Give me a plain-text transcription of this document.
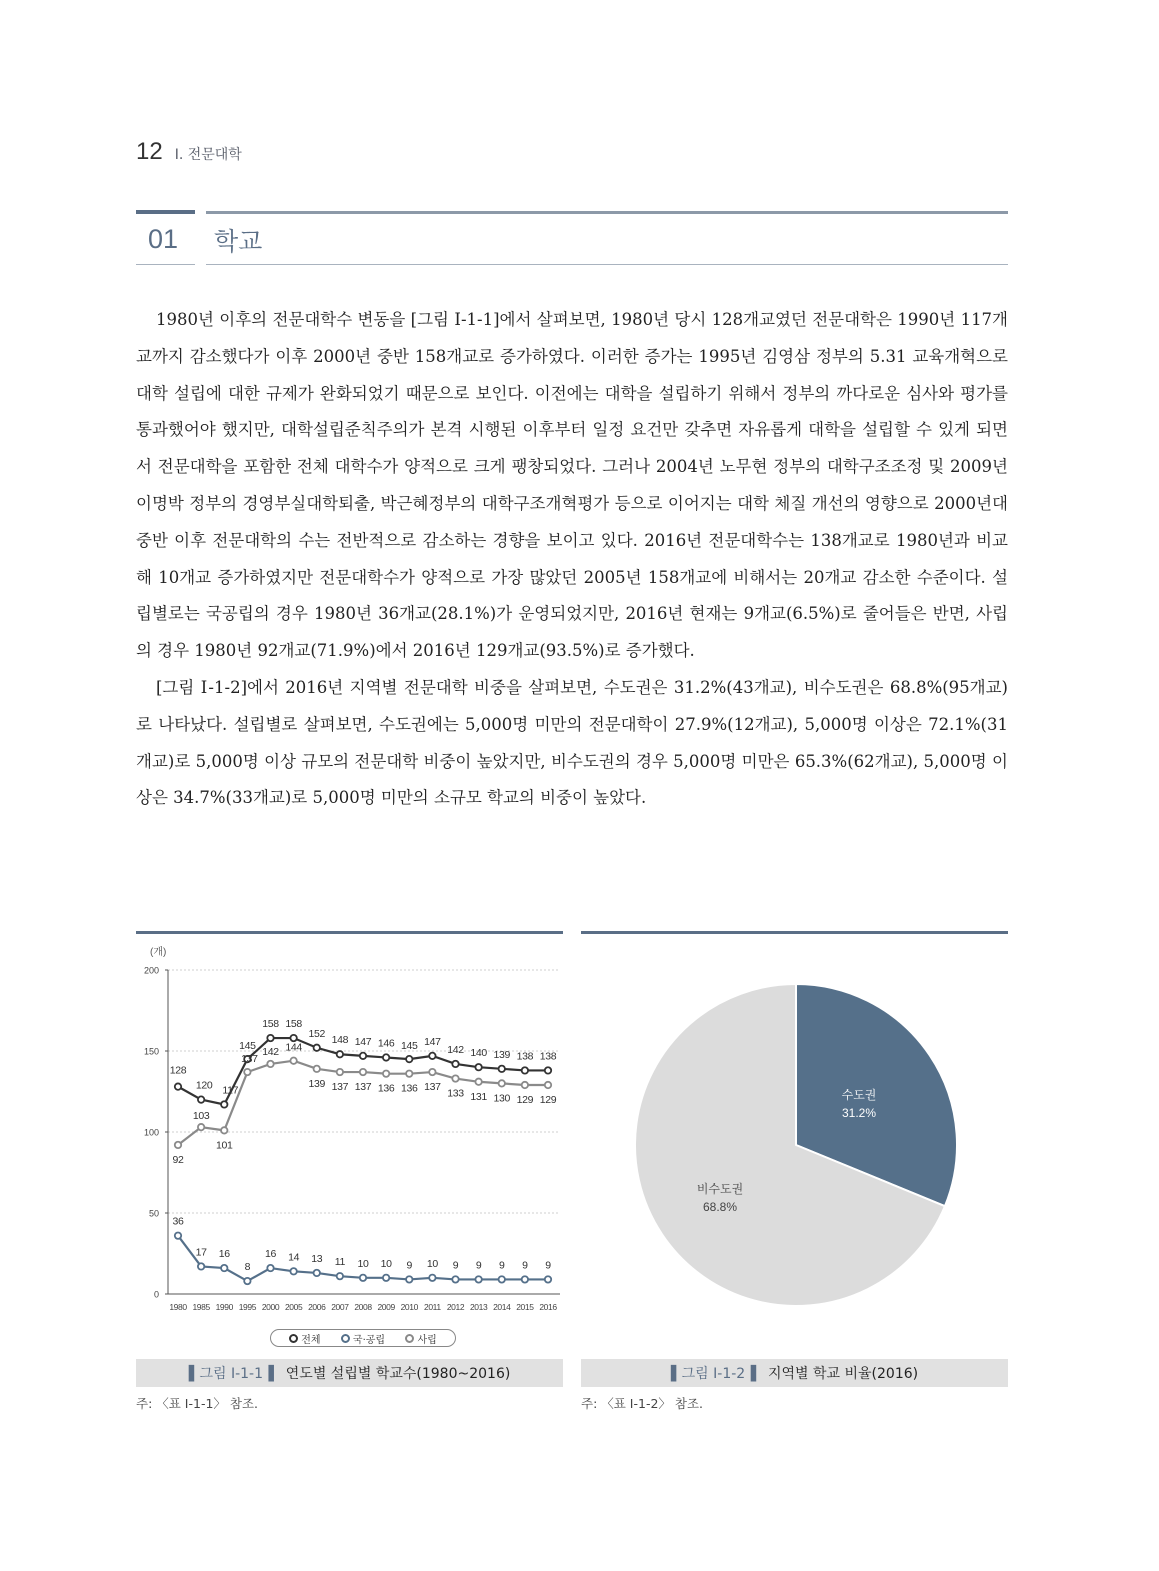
12 Ⅰ. 전문대학
01 학교

1980년 이후의 전문대학수 변동을 [그림 Ⅰ-1-1]에서 살펴보면, 1980년 당시 128개교였던 전문대학은 1990년 117개교까지 감소했다가 이후 2000년 중반 158개교로 증가하였다. 이러한 증가는 1995년 김영삼 정부의 5.31 교육개혁으로 대학 설립에 대한 규제가 완화되었기 때문으로 보인다. 이전에는 대학을 설립하기 위해서 정부의 까다로운 심사와 평가를 통과했어야 했지만, 대학설립준칙주의가 본격 시행된 이후부터 일정 요건만 갖추면 자유롭게 대학을 설립할 수 있게 되면서 전문대학을 포함한 전체 대학수가 양적으로 크게 팽창되었다. 그러나 2004년 노무현 정부의 대학구조조정 및 2009년 이명박 정부의 경영부실대학퇴출, 박근혜정부의 대학구조개혁평가 등으로 이어지는 대학 체질 개선의 영향으로 2000년대 중반 이후 전문대학의 수는 전반적으로 감소하는 경향을 보이고 있다. 2016년 전문대학수는 138개교로 1980년과 비교해 10개교 증가하였지만 전문대학수가 양적으로 가장 많았던 2005년 158개교에 비해서는 20개교 감소한 수준이다. 설립별로는 국공립의 경우 1980년 36개교(28.1%)가 운영되었지만, 2016년 현재는 9개교(6.5%)로 줄어들은 반면, 사립의 경우 1980년 92개교(71.9%)에서 2016년 129개교(93.5%)로 증가했다.

[그림 Ⅰ-1-2]에서 2016년 지역별 전문대학 비중을 살펴보면, 수도권은 31.2%(43개교), 비수도권은 68.8%(95개교)로 나타났다. 설립별로 살펴보면, 수도권에는 5,000명 미만의 전문대학이 27.9%(12개교), 5,000명 이상은 72.1%(31개교)로 5,000명 이상 규모의 전문대학 비중이 높았지만, 비수도권의 경우 5,000명 미만은 65.3%(62개교), 5,000명 이상은 34.7%(33개교)로 5,000명 미만의 소규모 학교의 비중이 높았다.

(개)
128
120 117
145
158 158
152
148 147 146 145 147
142 140 139 138 138
36
17 16
8
16 14 13 11 10 10 9 10 9 9 9 9 9
92
103
101
137
142 144
139 137 137 136 136 137
133 131 130 129 129
0
50
100
150
200
1980 1985 1990 1995 2000 2005 2006 2007 2008 2009 2010 2011 2012 2013 2014 2015 2016
전체	국·공립	사립
수도권
31.2%
비수도권
68.8%
▌그림 Ⅰ-1-1▐ 연도별 설립별 학교수(1980~2016)	▌그림 Ⅰ-1-2▐ 지역별 학교 비율(2016)
주: 〈표 Ⅰ-1-1〉 참조.	주: 〈표 Ⅰ-1-2〉 참조.
